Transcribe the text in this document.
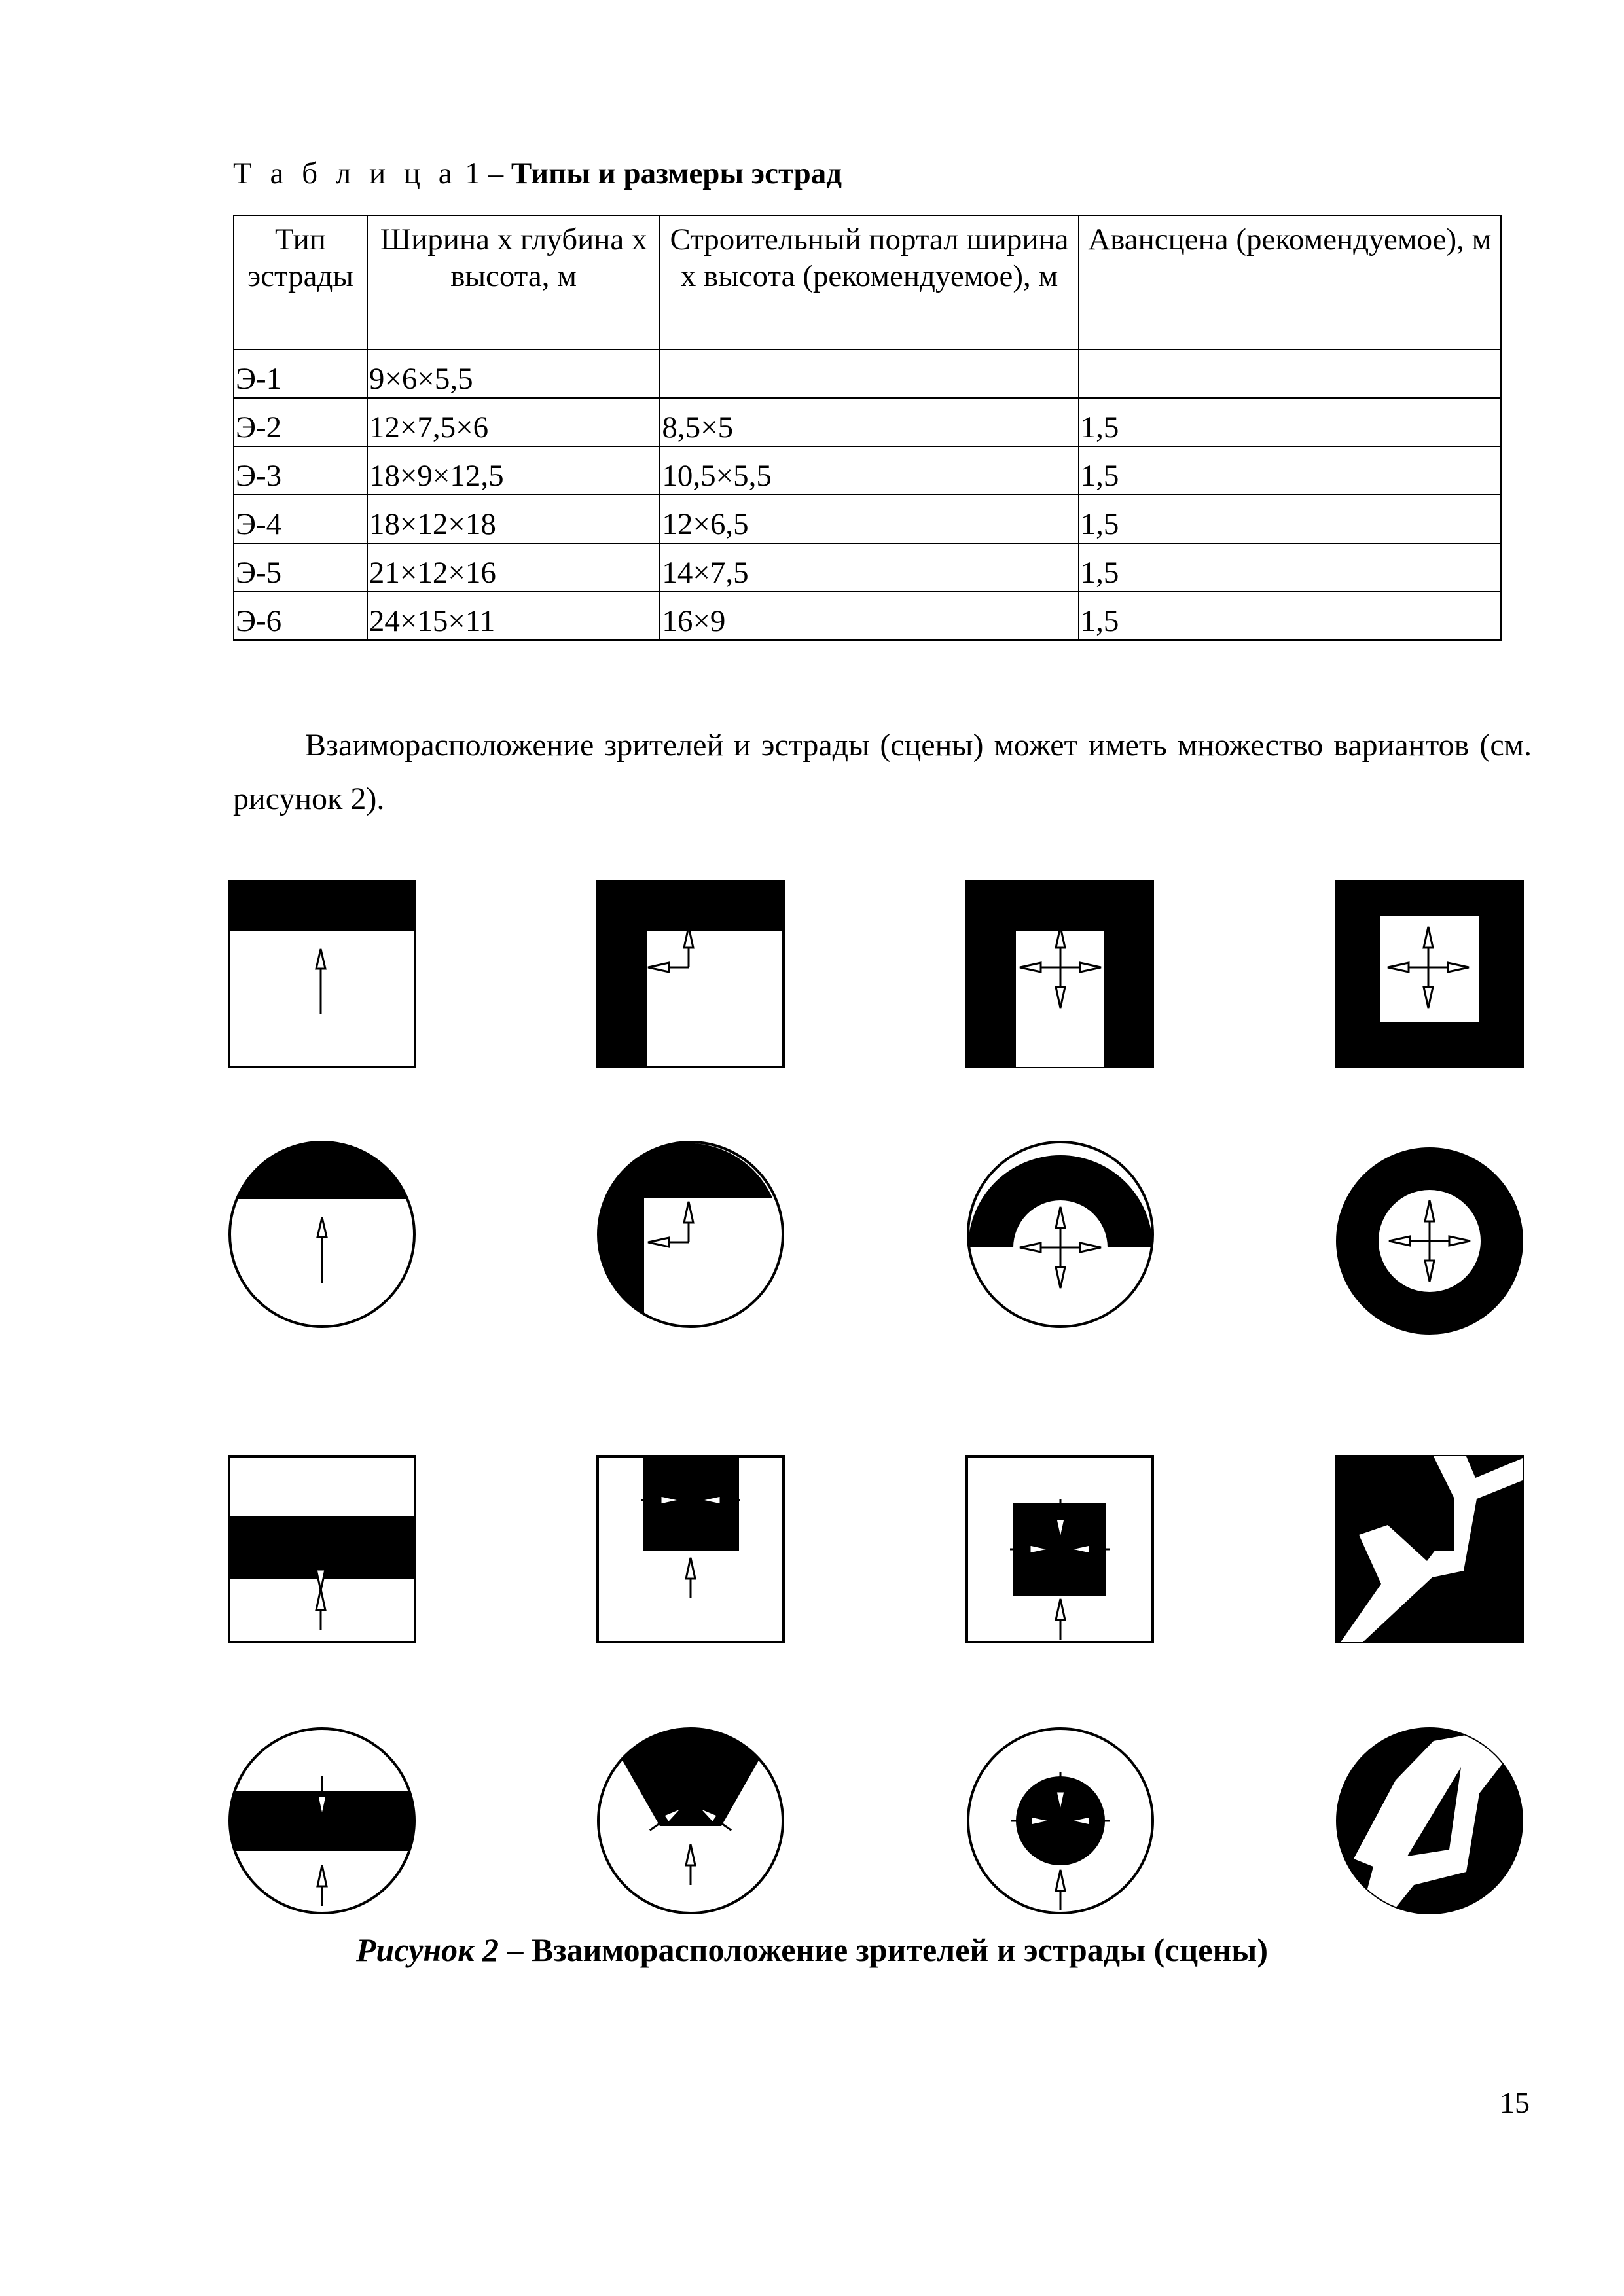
Т а б л и ц а 1 – Типы и размеры эстрад
Тип эстрады	Ширина х глубина х высота, м	Строительный портал ширина х высота (рекомендуемое), м	Авансцена (рекомендуемое), м
Э-1	9×6×5,5		
Э-2	12×7,5×6	8,5×5	1,5
Э-3	18×9×12,5	10,5×5,5	1,5
Э-4	18×12×18	12×6,5	1,5
Э-5	21×12×16	14×7,5	1,5
Э-6	24×15×11	16×9	1,5

Взаиморасположение зрителей и эстрады (сцены) может иметь множество вариантов (см. рисунок 2).

Рисунок 2 – Взаиморасположение зрителей и эстрады (сцены)
15
